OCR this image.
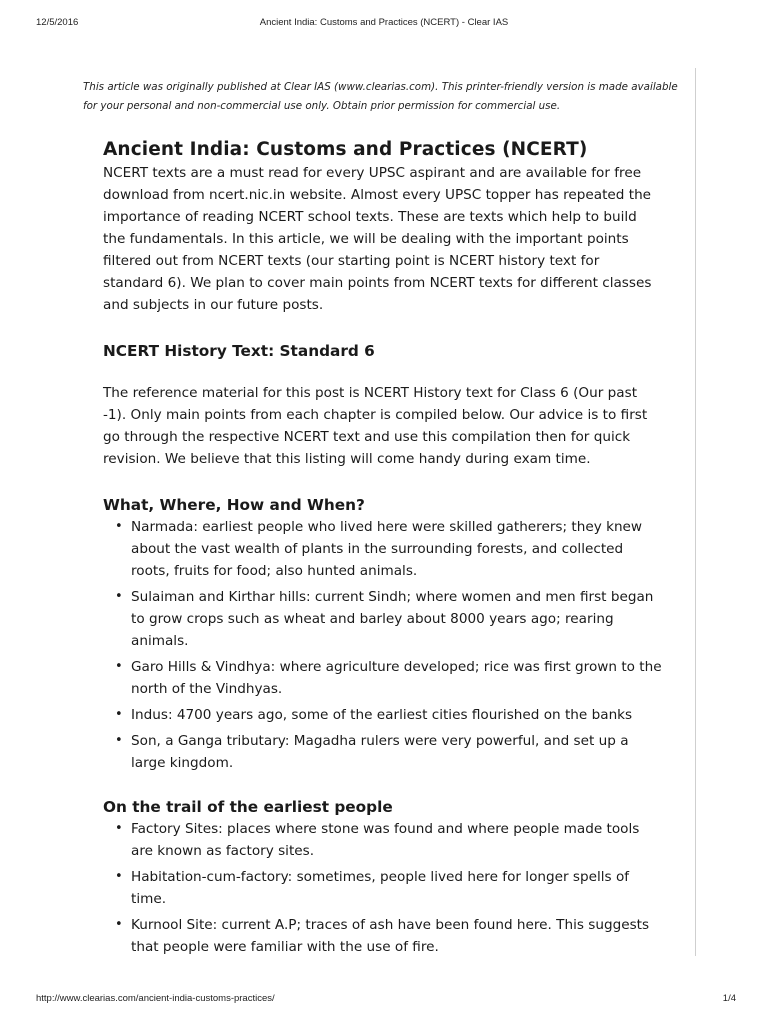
12/5/2016	Ancient India: Customs and Practices (NCERT) - Clear IAS
This article was originally published at Clear IAS (www.clearias.com). This printer-friendly version is made available for your personal and non-commercial use only. Obtain prior permission for commercial use.
Ancient India: Customs and Practices (NCERT)

NCERT texts are a must read for every UPSC aspirant and are available for free download from ncert.nic.in website. Almost every UPSC topper has repeated the importance of reading NCERT school texts. These are texts which help to build the fundamentals. In this article, we will be dealing with the important points filtered out from NCERT texts (our starting point is NCERT history text for standard 6). We plan to cover main points from NCERT texts for different classes and subjects in our future posts.

NCERT History Text: Standard 6

The reference material for this post is NCERT History text for Class 6 (Our past -1). Only main points from each chapter is compiled below. Our advice is to first go through the respective NCERT text and use this compilation then for quick revision. We believe that this listing will come handy during exam time.

What, Where, How and When?
• Narmada: earliest people who lived here were skilled gatherers; they knew about the vast wealth of plants in the surrounding forests, and collected roots, fruits for food; also hunted animals.
• Sulaiman and Kirthar hills: current Sindh; where women and men first began to grow crops such as wheat and barley about 8000 years ago; rearing animals.
• Garo Hills & Vindhya: where agriculture developed; rice was first grown to the north of the Vindhyas.
• Indus: 4700 years ago, some of the earliest cities flourished on the banks
• Son, a Ganga tributary: Magadha rulers were very powerful, and set up a large kingdom.
On the trail of the earliest people
• Factory Sites: places where stone was found and where people made tools are known as factory sites.
• Habitation-cum-factory: sometimes, people lived here for longer spells of time.
• Kurnool Site: current A.P; traces of ash have been found here. This suggests that people were familiar with the use of fire.
http://www.clearias.com/ancient-india-customs-practices/	1/4
